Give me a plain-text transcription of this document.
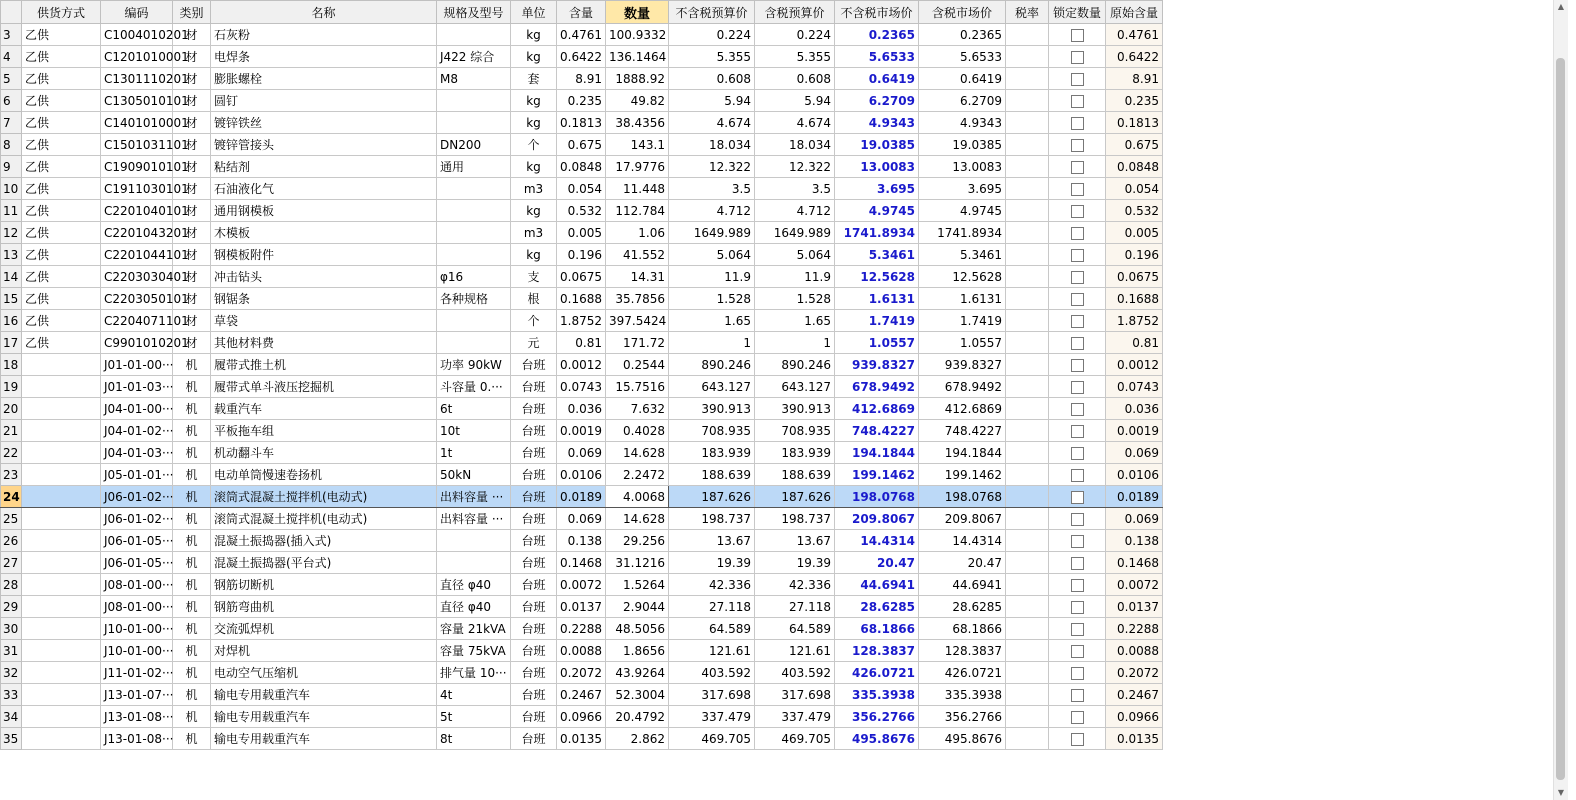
	供货方式	编码	类别	名称	规格及型号	单位	含量	数量	不含税预算价	含税预算价	不含税市场价	含税市场价	税率	锁定数量	原始含量
3	乙供	C1004010201	材	石灰粉		kg	0.4761	100.9332	0.224	0.224	0.2365	0.2365			0.4761
4	乙供	C1201010001	材	电焊条	J422 综合	kg	0.6422	136.1464	5.355	5.355	5.6533	5.6533			0.6422
5	乙供	C1301110201	材	膨胀螺栓	M8	套	8.91	1888.92	0.608	0.608	0.6419	0.6419			8.91
6	乙供	C1305010101	材	圆钉		kg	0.235	49.82	5.94	5.94	6.2709	6.2709			0.235
7	乙供	C1401010001	材	镀锌铁丝		kg	0.1813	38.4356	4.674	4.674	4.9343	4.9343			0.1813
8	乙供	C1501031101	材	镀锌管接头	DN200	个	0.675	143.1	18.034	18.034	19.0385	19.0385			0.675
9	乙供	C1909010101	材	粘结剂	通用	kg	0.0848	17.9776	12.322	12.322	13.0083	13.0083			0.0848
10	乙供	C1911030101	材	石油液化气		m3	0.054	11.448	3.5	3.5	3.695	3.695			0.054
11	乙供	C2201040101	材	通用钢模板		kg	0.532	112.784	4.712	4.712	4.9745	4.9745			0.532
12	乙供	C2201043201	材	木模板		m3	0.005	1.06	1649.989	1649.989	1741.8934	1741.8934			0.005
13	乙供	C2201044101	材	钢模板附件		kg	0.196	41.552	5.064	5.064	5.3461	5.3461			0.196
14	乙供	C2203030401	材	冲击钻头	φ16	支	0.0675	14.31	11.9	11.9	12.5628	12.5628			0.0675
15	乙供	C2203050101	材	钢锯条	各种规格	根	0.1688	35.7856	1.528	1.528	1.6131	1.6131			0.1688
16	乙供	C2204071101	材	草袋		个	1.8752	397.5424	1.65	1.65	1.7419	1.7419			1.8752
17	乙供	C9901010201	材	其他材料费		元	0.81	171.72	1	1	1.0557	1.0557			0.81
18		J01-01-00···	机	履带式推土机	功率 90kW	台班	0.0012	0.2544	890.246	890.246	939.8327	939.8327			0.0012
19		J01-01-03···	机	履带式单斗液压挖掘机	斗容量 0.···	台班	0.0743	15.7516	643.127	643.127	678.9492	678.9492			0.0743
20		J04-01-00···	机	载重汽车	6t	台班	0.036	7.632	390.913	390.913	412.6869	412.6869			0.036
21		J04-01-02···	机	平板拖车组	10t	台班	0.0019	0.4028	708.935	708.935	748.4227	748.4227			0.0019
22		J04-01-03···	机	机动翻斗车	1t	台班	0.069	14.628	183.939	183.939	194.1844	194.1844			0.069
23		J05-01-01···	机	电动单筒慢速卷扬机	50kN	台班	0.0106	2.2472	188.639	188.639	199.1462	199.1462			0.0106
24		J06-01-02···	机	滚筒式混凝土搅拌机(电动式)	出料容量 ···	台班	0.0189	4.0068	187.626	187.626	198.0768	198.0768			0.0189
25		J06-01-02···	机	滚筒式混凝土搅拌机(电动式)	出料容量 ···	台班	0.069	14.628	198.737	198.737	209.8067	209.8067			0.069
26		J06-01-05···	机	混凝土振捣器(插入式)		台班	0.138	29.256	13.67	13.67	14.4314	14.4314			0.138
27		J06-01-05···	机	混凝土振捣器(平台式)		台班	0.1468	31.1216	19.39	19.39	20.47	20.47			0.1468
28		J08-01-00···	机	钢筋切断机	直径 φ40	台班	0.0072	1.5264	42.336	42.336	44.6941	44.6941			0.0072
29		J08-01-00···	机	钢筋弯曲机	直径 φ40	台班	0.0137	2.9044	27.118	27.118	28.6285	28.6285			0.0137
30		J10-01-00···	机	交流弧焊机	容量 21kVA	台班	0.2288	48.5056	64.589	64.589	68.1866	68.1866			0.2288
31		J10-01-00···	机	对焊机	容量 75kVA	台班	0.0088	1.8656	121.61	121.61	128.3837	128.3837			0.0088
32		J11-01-02···	机	电动空气压缩机	排气量 10···	台班	0.2072	43.9264	403.592	403.592	426.0721	426.0721			0.2072
33		J13-01-07···	机	输电专用载重汽车	4t	台班	0.2467	52.3004	317.698	317.698	335.3938	335.3938			0.2467
34		J13-01-08···	机	输电专用载重汽车	5t	台班	0.0966	20.4792	337.479	337.479	356.2766	356.2766			0.0966
35		J13-01-08···	机	输电专用载重汽车	8t	台班	0.0135	2.862	469.705	469.705	495.8676	495.8676			0.0135
▲
▼
